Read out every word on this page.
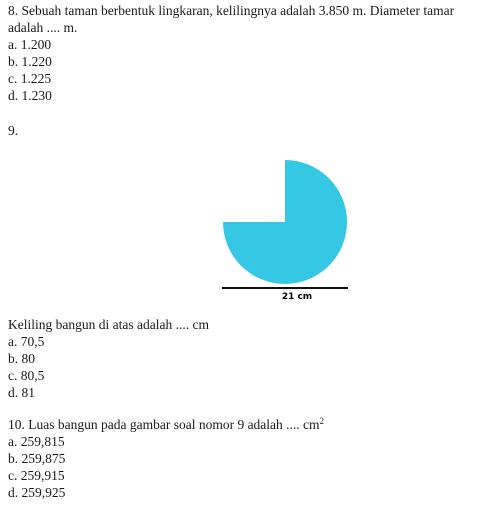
8. Sebuah taman berbentuk lingkaran, kelilingnya adalah 3.850 m. Diameter tamar
adalah .... m.
a. 1.200
b. 1.220
c. 1.225
d. 1.230
9.
21 cm
Keliling bangun di atas adalah .... cm
a. 70,5
b. 80
c. 80,5
d. 81
10. Luas bangun pada gambar soal nomor 9 adalah .... $cm^2$
a. 259,815
b. 259,875
c. 259,915
d. 259,925
